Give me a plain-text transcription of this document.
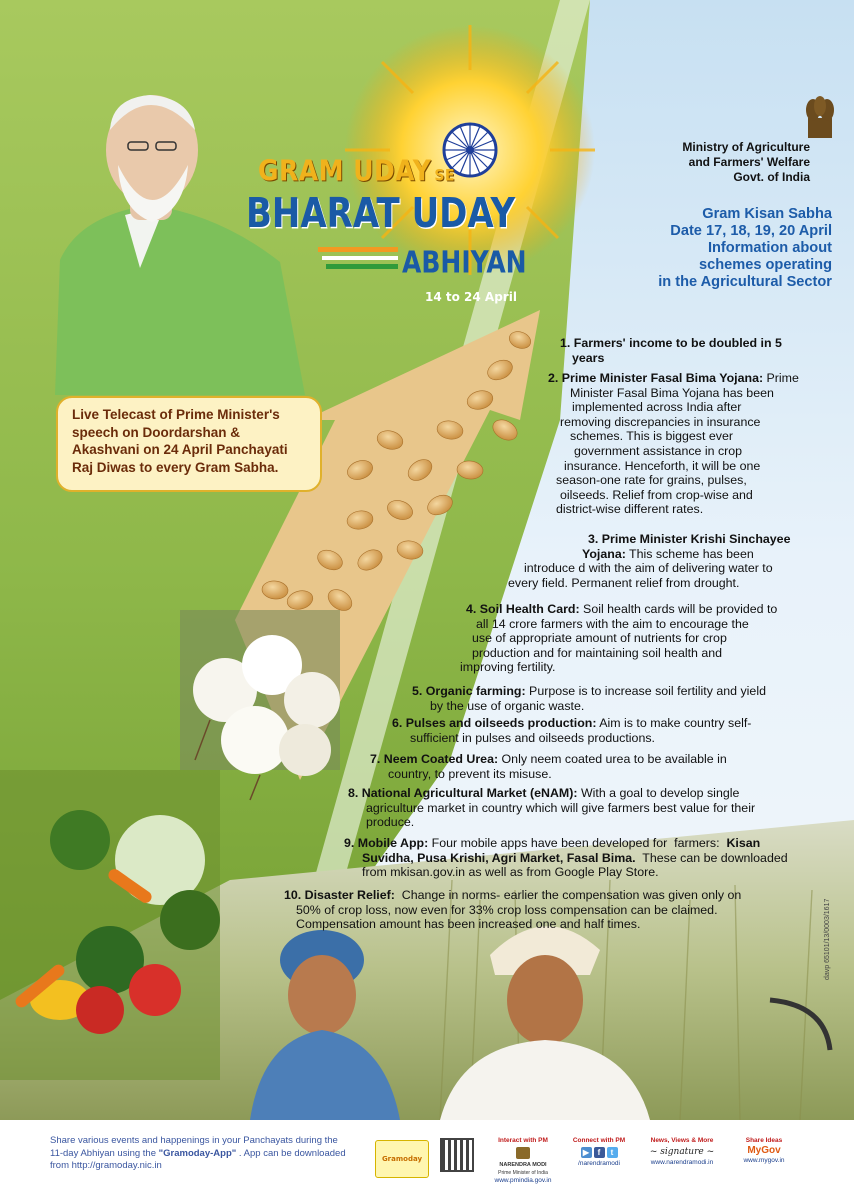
GRAM UDAY SE
BHARAT UDAY
ABHIYAN
14 to 24 April
Ministry of Agriculture
and Farmers' Welfare
Govt. of India
Gram Kisan Sabha
Date 17, 18, 19, 20 April
Information about
schemes operating
in the Agricultural Sector
Live Telecast of Prime Minister's
speech on Doordarshan &
Akashvani on 24 April Panchayati
Raj Diwas to every Gram Sabha.
1. Farmers' income to be doubled in 5
years
2. Prime Minister Fasal Bima Yojana: Prime
Minister Fasal Bima Yojana has been
implemented across India after
removing discrepancies in insurance
schemes. This is biggest ever
government assistance in crop
insurance. Henceforth, it will be one
season-one rate for grains, pulses,
oilseeds. Relief from crop-wise and
district-wise different rates.
3. Prime Minister Krishi Sinchayee
Yojana: This scheme has been
introduce d with the aim of delivering water to
every field. Permanent relief from drought.
4. Soil Health Card: Soil health cards will be provided to
all 14 crore farmers with the aim to encourage the
use of appropriate amount of nutrients for crop
production and for maintaining soil health and
improving fertility.
5. Organic farming: Purpose is to increase soil fertility and yield
by the use of organic waste.
6. Pulses and oilseeds production: Aim is to make country self-
sufficient in pulses and oilseeds productions.
7. Neem Coated Urea: Only neem coated urea to be available in
country, to prevent its misuse.
8. National Agricultural Market (eNAM): With a goal to develop single
agriculture market in country which will give farmers best value for their
produce.
9. Mobile App: Four mobile apps have been developed for  farmers:  Kisan
Suvidha, Pusa Krishi, Agri Market, Fasal Bima.  These can be downloaded
from mkisan.gov.in as well as from Google Play Store.
10. Disaster Relief:  Change in norms- earlier the compensation was given only on
50% of crop loss, now even for 33% crop loss compensation can be claimed.
Compensation amount has been increased one and half times.	davp 65101/13/0003/1617
Share various events and happenings in your Panchayats during the
11-day Abhiyan using the "Gramoday-App" . App can be downloaded
from http://gramoday.nic.in
Gramoday
Interact with PM
NARENDRA MODI
Prime Minister of India
www.pmindia.gov.in
Connect with PM
▶ f t
/narendramodi
News, Views & More
~ signature ~
www.narendramodi.in
Share Ideas
MyGov
www.mygov.in
